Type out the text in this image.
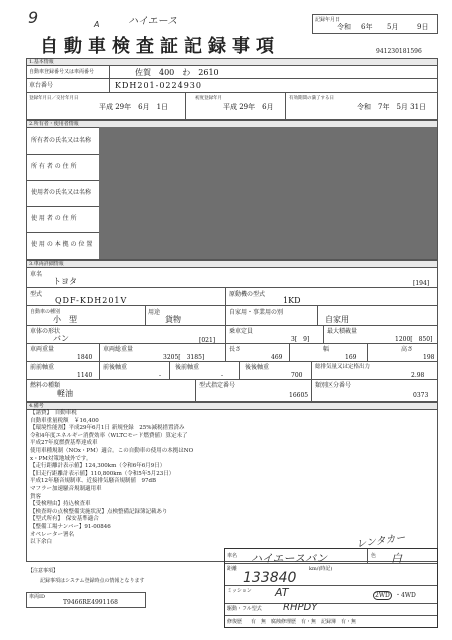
9	A	ハイエース	記録年月日
令和 6年 5月	9日
自動車検査証記録事項	941230181596
1.基本情報
自動車登録番号又は車両番号	佐賀　400　わ　2610
車台番号	KDH201-0224930
登録年月日／交付年月日
平成 29年　6月　1日
初度登録年月
平成 29年　6月
有効期間の満了する日
令和　7年　5月 31日
2.所有者・使用者情報
所有者の氏名又は名称
所 有 者 の 住 所
使用者の氏名又は名称
使 用 者 の 住 所
使 用 の 本 拠 の 位 置
3.車両詳細情報
車名
トヨタ	[194]
型式
QDF-KDH201V
原動機の型式
1KD
自動車の種別
小　型
用途
貨物
自家用・事業用の別
自家用
車体の形状
バン	[021]
乗車定員
3[　9]
最大積載量
1200[　850]
車両重量
1840
車両総重量
3205[　3185]
長さ
469
幅
169
高さ
198
前前軸重
1140
前後軸重
-
後前軸重
-
後後軸重
700
総排気量又は定格出力
2.98
燃料の種類
軽油
型式指定番号
16605
類別区分番号
0373
4.備考
【諸費】　自動車税
自動車重量税額　￥16,400
【環境性能割】平成29年6月1日 新規登録　25%減税措置済み
令和4年度エネルギー消費効率（WLTCモード燃費値）算定未了
平成27年度燃費基準達成車
使用車種規制（NOx・PM）適合。この自動車の使用の本拠はNO
x・PM対策地域外です。
【走行距離計表示値】124,300km（令和6年6月9日）
【旧走行距離計表示値】110,800km（令和5年5月23日）
平成12年騒音規制車、近接排気騒音規制値　97dB
マフラー加速騒音規制適用車
貨客
【受検理由】持込検査車
【検査時の点検整備実施状況】点検整備記録簿記載あり
【型式所有】　保安基準適合
【整備工場ナンバー】91-00846
オペレーター署名
以下余白	レンタカー
車名 ハイエースバン	色 白
距離	km/(時記)
133840
ミッション AT	2WD ・ 4WD
駆動・フル型式 RHPDY
修復歴 有　無　腐蝕修理歴　有・無　記録簿　有・無
【注意事項】
記録事項はシステム登録時点の情報となります
車両ID
T9466RE4991168
